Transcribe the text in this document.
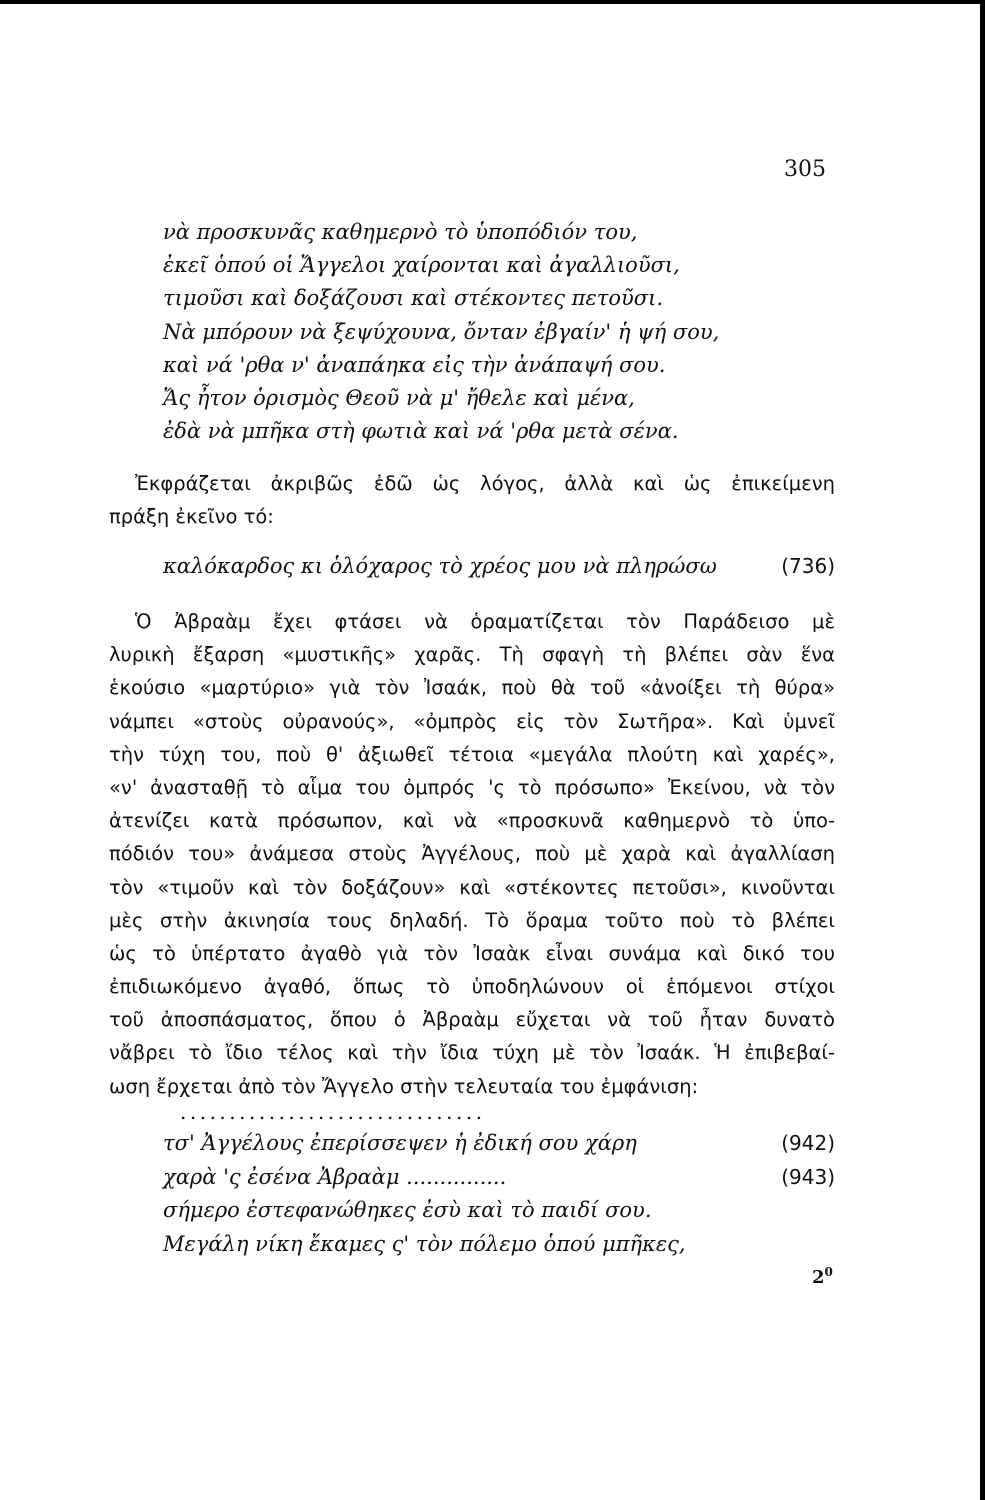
305
νὰ προσκυνᾶς καθημερνὸ τὸ ὑποπόδιόν του,
ἐκεῖ ὁπού οἱ Ἄγγελοι χαίρονται καὶ ἀγαλλιοῦσι,
τιμοῦσι καὶ δοξάζουσι καὶ στέκοντες πετοῦσι.
Νὰ μπόρουν νὰ ξεψύχουνα, ὄνταν ἐβγαίν' ἡ ψή σου,
καὶ νά 'ρθα ν' ἀναπάηκα εἰς τὴν ἀνάπαψή σου.
Ἄς ἦτον ὁρισμὸς Θεοῦ νὰ μ' ἤθελε καὶ μένα,
ἐδὰ νὰ μπῆκα στὴ φωτιὰ καὶ νά 'ρθα μετὰ σένα.
Ἐκφράζεται ἀκριβῶς ἐδῶ ὡς λόγος, ἀλλὰ καὶ ὡς ἐπικείμενη
πράξη ἐκεῖνο τό:
καλόκαρδος κι ὁλόχαρος τὸ χρέος μου νὰ πληρώσω	(736)
Ὁ Ἀβραὰμ ἔχει φτάσει νὰ ὁραματίζεται τὸν Παράδεισο μὲ
λυρικὴ ἔξαρση «μυστικῆς» χαρᾶς. Τὴ σφαγὴ τὴ βλέπει σὰν ἕνα
ἑκούσιο «μαρτύριο» γιὰ τὸν Ἰσαάκ, ποὺ θὰ τοῦ «ἀνοίξει τὴ θύρα»
νάμπει «στοὺς οὐρανούς», «ὀμπρὸς εἰς τὸν Σωτῆρα». Καὶ ὑμνεῖ
τὴν τύχη του, ποὺ θ' ἀξιωθεῖ τέτοια «μεγάλα πλούτη καὶ χαρές»,
«ν' ἀνασταθῇ τὸ αἷμα του ὀμπρός 'ς τὸ πρόσωπο» Ἐκείνου, νὰ τὸν
ἀτενίζει κατὰ πρόσωπον, καὶ νὰ «προσκυνᾶ καθημερνὸ τὸ ὑπο-
πόδιόν του» ἀνάμεσα στοὺς Ἀγγέλους, ποὺ μὲ χαρὰ καὶ ἀγαλλίαση
τὸν «τιμοῦν καὶ τὸν δοξάζουν» καὶ «στέκοντες πετοῦσι», κινοῦνται
μὲς στὴν ἀκινησία τους δηλαδή. Τὸ ὅραμα τοῦτο ποὺ τὸ βλέπει
ὡς τὸ ὑπέρτατο ἀγαθὸ γιὰ τὸν Ἰσαὰκ εἶναι συνάμα καὶ δικό του
ἐπιδιωκόμενο ἀγαθό, ὅπως τὸ ὑποδηλώνουν οἱ ἑπόμενοι στίχοι
τοῦ ἀποσπάσματος, ὅπου ὁ Ἀβραὰμ εὔχεται νὰ τοῦ ἦταν δυνατὸ
νἄβρει τὸ ἴδιο τέλος καὶ τὴν ἴδια τύχη μὲ τὸν Ἰσαάκ. Ἡ ἐπιβεβαί-
ωση ἔρχεται ἀπὸ τὸν Ἄγγελο στὴν τελευταία του ἐμφάνιση:
...............................
τσ' Ἀγγέλους ἐπερίσσεψεν ἡ ἐδική σου χάρη	(942)
χαρὰ 'ς ἐσένα Ἀβραὰμ ...............	(943)
σήμερο ἐστεφανώθηκες ἐσὺ καὶ τὸ παιδί σου.
Μεγάλη νίκη ἔκαμες ς' τὸν πόλεμο ὁπού μπῆκες,
$2^0$
